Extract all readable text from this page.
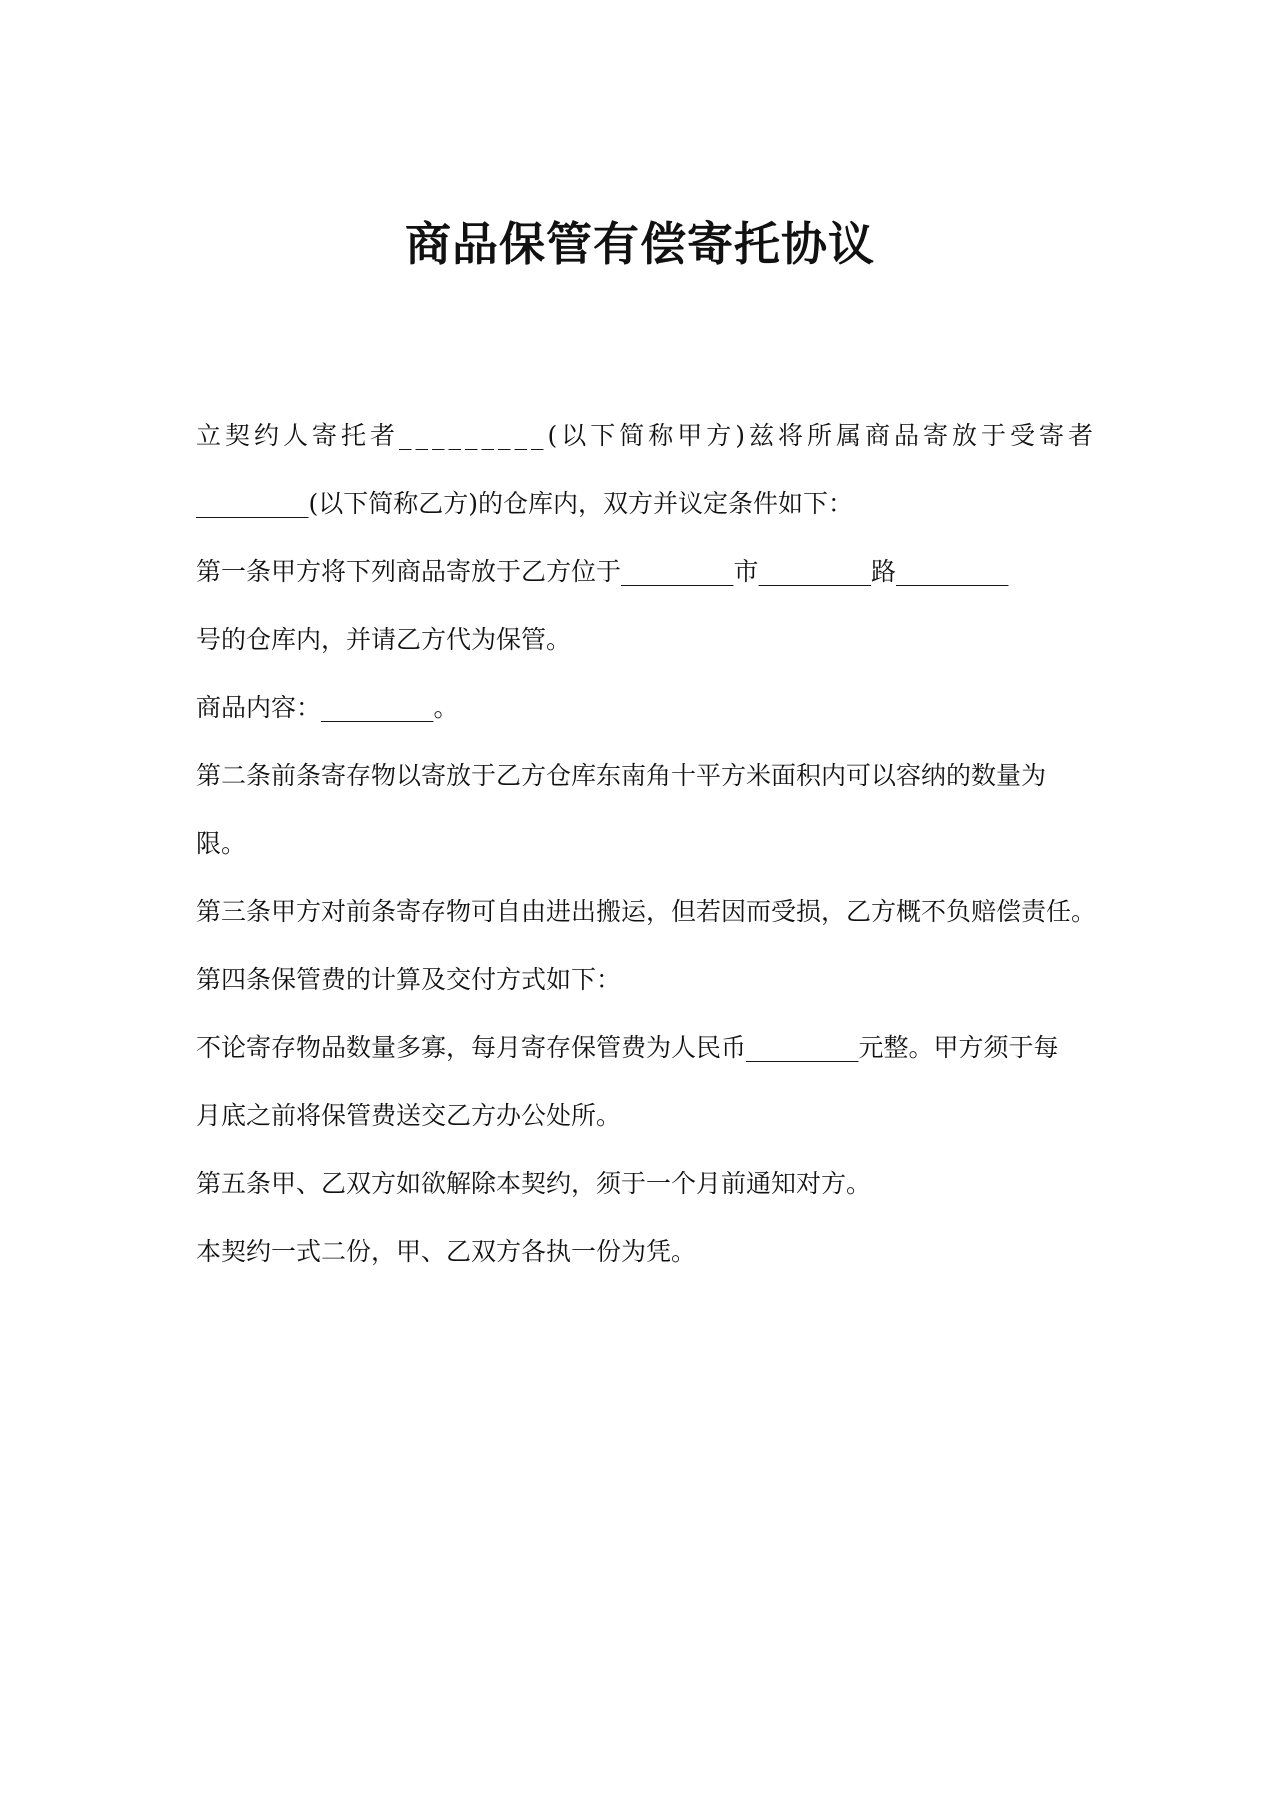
商品保管有偿寄托协议
立契约人寄托者_________(以下简称甲方)兹将所属商品寄放于受寄者
_________(以下简称乙方)的仓库内，双方并议定条件如下：
第一条甲方将下列商品寄放于乙方位于_________市_________路_________
号的仓库内，并请乙方代为保管。
商品内容：_________。
第二条前条寄存物以寄放于乙方仓库东南角十平方米面积内可以容纳的数量为
限。
第三条甲方对前条寄存物可自由进出搬运，但若因而受损，乙方概不负赔偿责任。
第四条保管费的计算及交付方式如下：
不论寄存物品数量多寡，每月寄存保管费为人民币_________元整。甲方须于每
月底之前将保管费送交乙方办公处所。
第五条甲、乙双方如欲解除本契约，须于一个月前通知对方。
本契约一式二份，甲、乙双方各执一份为凭。
